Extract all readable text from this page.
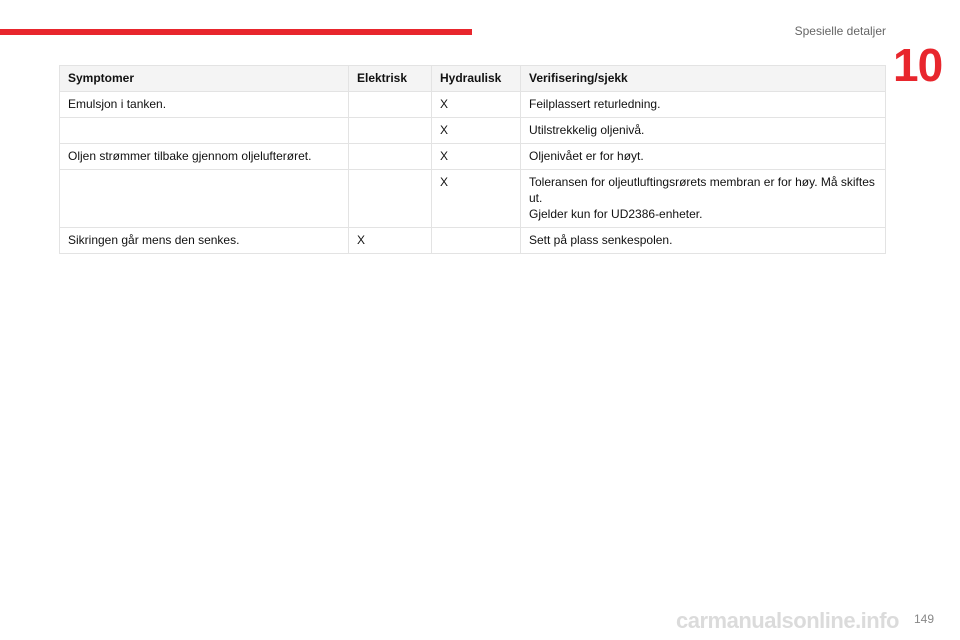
Spesielle detaljer
10
Symptomer	Elektrisk	Hydraulisk	Verifisering/sjekk
Emulsjon i tanken.		X	Feilplassert returledning.
		X	Utilstrekkelig oljenivå.
Oljen strømmer tilbake gjennom oljelufterøret.		X	Oljenivået er for høyt.
		X	Toleransen for oljeutluftingsrørets membran er for høy. Må skiftes ut.
Gjelder kun for UD2386-enheter.

Sikringen går mens den senkes.	X		Sett på plass senkespolen.
carmanualsonline.info 149
